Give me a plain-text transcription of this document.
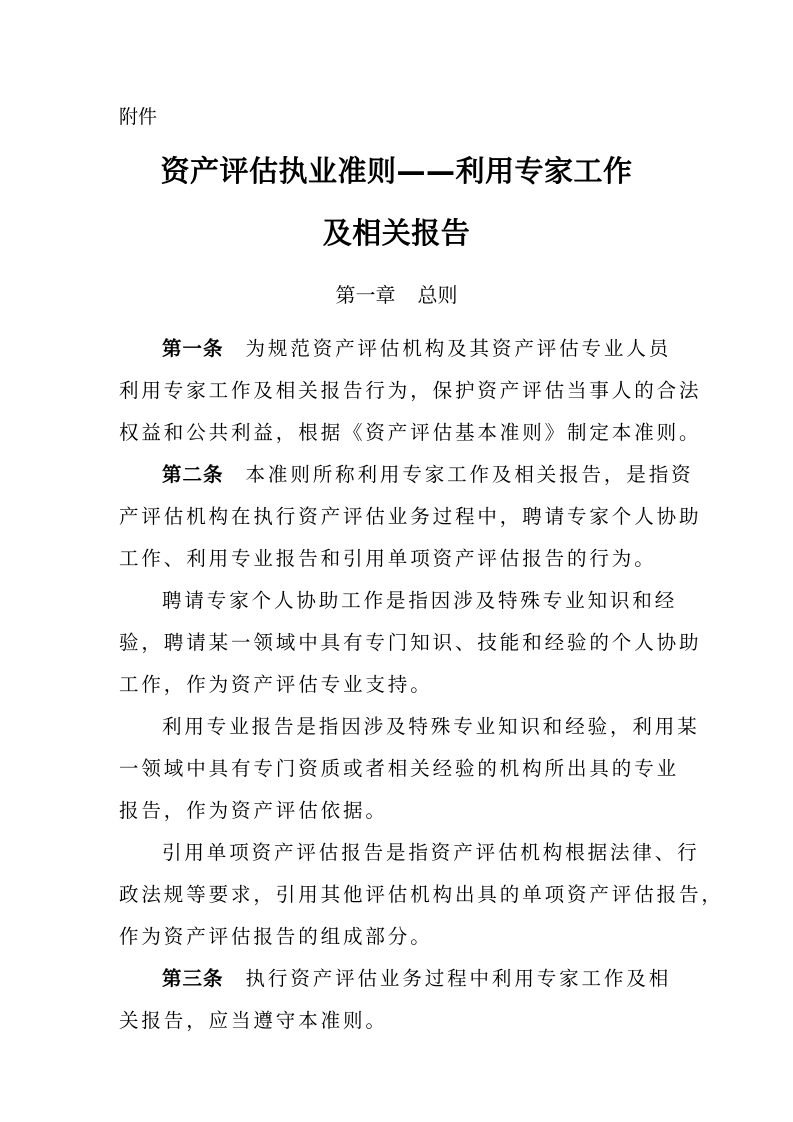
附件
资产评估执业准则——利用专家工作
及相关报告
第一章 总则
第一条 为规范资产评估机构及其资产评估专业人员
利用专家工作及相关报告行为，保护资产评估当事人的合法
权益和公共利益，根据《资产评估基本准则》制定本准则。
第二条 本准则所称利用专家工作及相关报告，是指资
产评估机构在执行资产评估业务过程中，聘请专家个人协助
工作、利用专业报告和引用单项资产评估报告的行为。
聘请专家个人协助工作是指因涉及特殊专业知识和经
验，聘请某一领域中具有专门知识、技能和经验的个人协助
工作，作为资产评估专业支持。
利用专业报告是指因涉及特殊专业知识和经验，利用某
一领域中具有专门资质或者相关经验的机构所出具的专业
报告，作为资产评估依据。
引用单项资产评估报告是指资产评估机构根据法律、行
政法规等要求，引用其他评估机构出具的单项资产评估报告，
作为资产评估报告的组成部分。
第三条 执行资产评估业务过程中利用专家工作及相
关报告，应当遵守本准则。
